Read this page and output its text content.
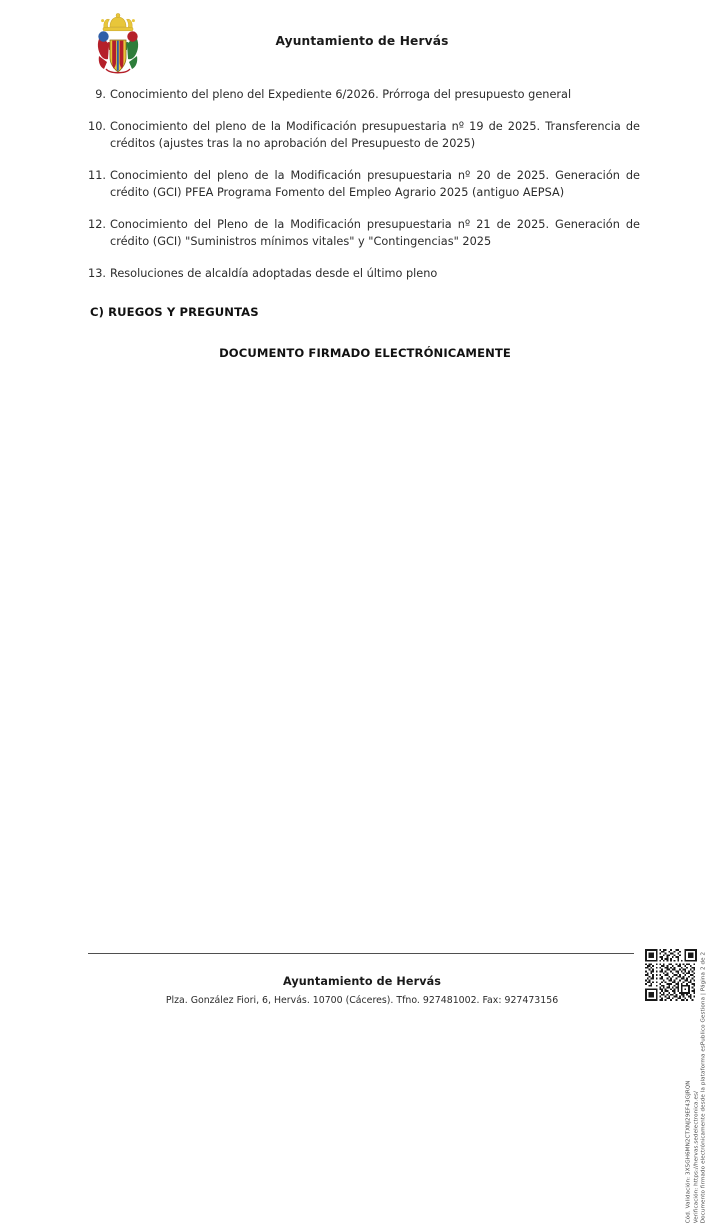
Ayuntamiento de Hervás
9. Conocimiento del pleno del Expediente 6/2026. Prórroga del presupuesto general
10. Conocimiento del pleno de la Modificación presupuestaria nº 19 de 2025. Transferencia de créditos (ajustes tras la no aprobación del Presupuesto de 2025)
11. Conocimiento del pleno de la Modificación presupuestaria nº 20 de 2025. Generación de crédito (GCI) PFEA Programa Fomento del Empleo Agrario 2025 (antiguo AEPSA)
12. Conocimiento del Pleno de la Modificación presupuestaria nº 21 de 2025. Generación de crédito (GCI) "Suministros mínimos vitales" y "Contingencias" 2025
13. Resoluciones de alcaldía adoptadas desde el último pleno
C) RUEGOS Y PREGUNTAS
DOCUMENTO FIRMADO ELECTRÓNICAMENTE
Cód. Validación: 3X5GH6MN2CTXNJ29EF43GJRQN Verificación: https://hervas.sedelectronica.es/ Documento firmado electrónicamente desde la plataforma esPublico Gestiona | Página 2 de 2
Ayuntamiento de Hervás
Plza. González Fiori, 6, Hervás. 10700 (Cáceres). Tfno. 927481002. Fax: 927473156
